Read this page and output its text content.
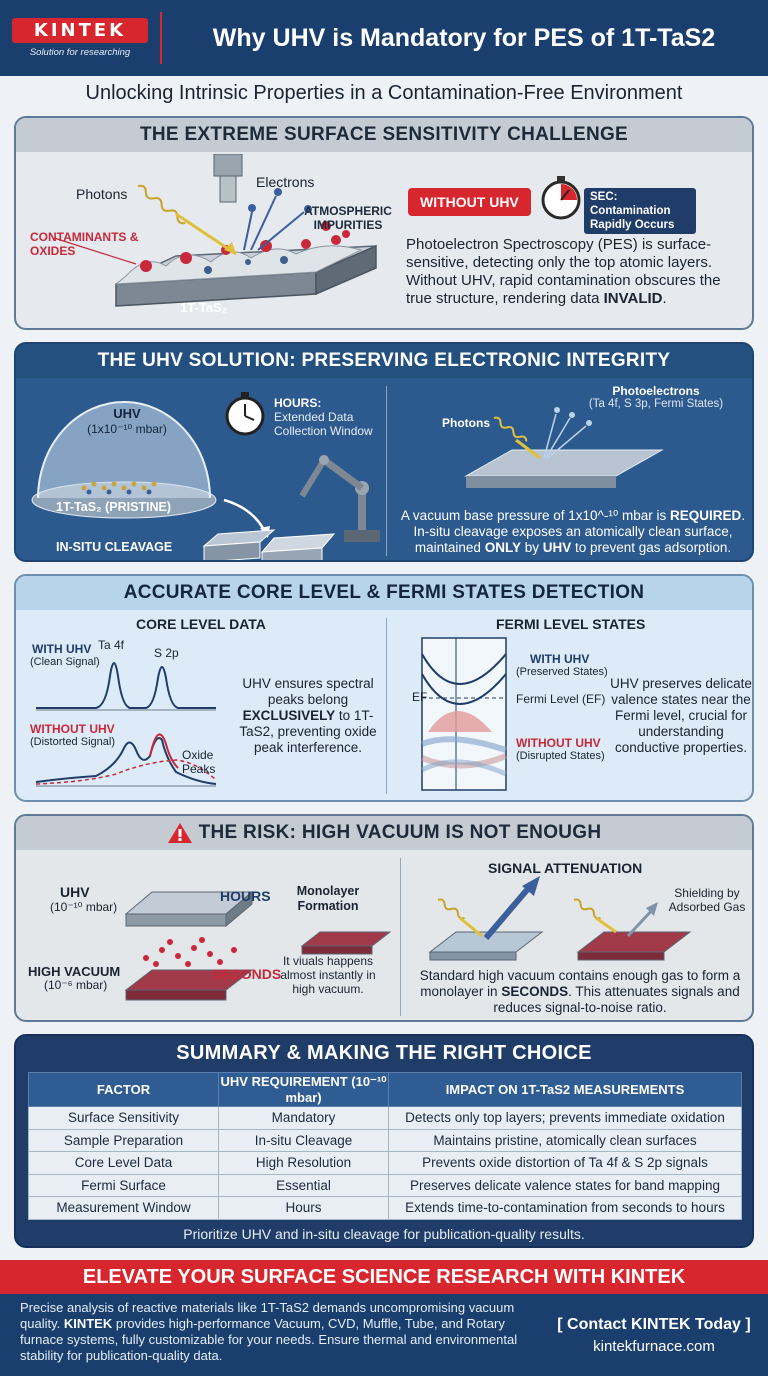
KINTEK
Solution for researching
Why UHV is Mandatory for PES of 1T-TaS2
Unlocking Intrinsic Properties in a Contamination-Free Environment
THE EXTREME SURFACE SENSITIVITY CHALLENGE
Photons
Electrons
CONTAMINANTS & OXIDES
ATMOSPHERIC IMPURITIES
1T-TaS₂
WITHOUT UHV	SEC: Contamination Rapidly Occurs
Photoelectron Spectroscopy (PES) is surface-sensitive, detecting only the top atomic layers. Without UHV, rapid contamination obscures the true structure, rendering data INVALID.
THE UHV SOLUTION: PRESERVING ELECTRONIC INTEGRITY
UHV
(1x10⁻¹⁰ mbar)
HOURS:
Extended Data Collection Window
1T-TaS₂ (PRISTINE)
IN-SITU CLEAVAGE
Photons
Photoelectrons
(Ta 4f, S 3p, Fermi States)
A vacuum base pressure of 1x10^-¹⁰ mbar is REQUIRED. In-situ cleavage exposes an atomically clean surface, maintained ONLY by UHV to prevent gas adsorption.
ACCURATE CORE LEVEL & FERMI STATES DETECTION
CORE LEVEL DATA
WITH UHV
(Clean Signal)
Ta 4f
S 2p
WITHOUT UHV
(Distorted Signal)
Oxide Peaks
UHV ensures spectral peaks belong EXCLUSIVELY to 1T-TaS2, preventing oxide peak interference.
FERMI LEVEL STATES
EF
WITH UHV
(Preserved States)
Fermi Level (EF)
WITHOUT UHV
(Disrupted States)
UHV preserves delicate valence states near the Fermi level, crucial for understanding conductive properties.
THE RISK: HIGH VACUUM IS NOT ENOUGH
UHV
(10⁻¹⁰ mbar)
HOURS
HIGH VACUUM
(10⁻⁶ mbar)
SECONDS
Monolayer Formation
It viuals happens almost instantly in high vacuum.
SIGNAL ATTENUATION
Shielding by Adsorbed Gas
Standard high vacuum contains enough gas to form a monolayer in SECONDS. This attenuates signals and reduces signal-to-noise ratio.
SUMMARY & MAKING THE RIGHT CHOICE
FACTOR	UHV REQUIREMENT (10⁻¹⁰ mbar)	IMPACT ON 1T-TaS2 MEASUREMENTS
Surface Sensitivity	Mandatory	Detects only top layers; prevents immediate oxidation
Sample Preparation	In-situ Cleavage	Maintains pristine, atomically clean surfaces
Core Level Data	High Resolution	Prevents oxide distortion of Ta 4f & S 2p signals
Fermi Surface	Essential	Preserves delicate valence states for band mapping
Measurement Window	Hours	Extends time-to-contamination from seconds to hours
Prioritize UHV and in-situ cleavage for publication-quality results.
ELEVATE YOUR SURFACE SCIENCE RESEARCH WITH KINTEK
Precise analysis of reactive materials like 1T-TaS2 demands uncompromising vacuum quality. KINTEK provides high-performance Vacuum, CVD, Muffle, Tube, and Rotary furnace systems, fully customizable for your needs. Ensure thermal and environmental stability for publication-quality data.
[ Contact KINTEK Today ]
kintekfurnace.com
